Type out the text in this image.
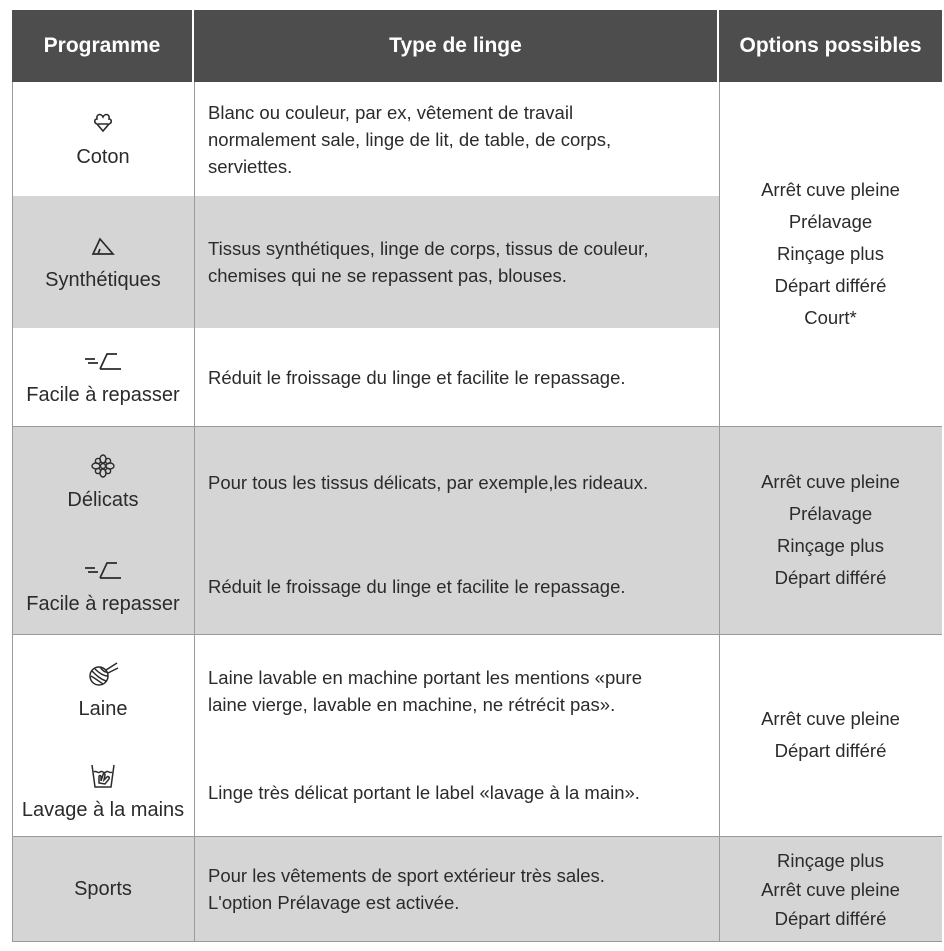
Programme	Type de linge	Options possibles
Coton
Blanc ou couleur, par ex, vêtement de travail
normalement sale, linge de lit, de table, de corps,
serviettes.
Synthétiques
Tissus synthétiques, linge de corps, tissus de couleur,
chemises qui ne se repassent pas, blouses.
Facile à repasser
Réduit le froissage du linge et facilite le repassage.
Arrêt cuve pleine
Prélavage
Rinçage plus
Départ différé
Court*
Délicats
Pour tous les tissus délicats, par exemple,les rideaux.
Facile à repasser
Réduit le froissage du linge et facilite le repassage.
Arrêt cuve pleine
Prélavage
Rinçage plus
Départ différé
Laine
Laine lavable en machine portant les mentions «pure
laine vierge, lavable en machine, ne rétrécit pas».
Lavage à la mains
Linge très délicat portant le label «lavage à la main».
Arrêt cuve pleine
Départ différé
Sports
Pour les vêtements de sport extérieur très sales.
L'option Prélavage est activée.
Rinçage plus
Arrêt cuve pleine
Départ différé
